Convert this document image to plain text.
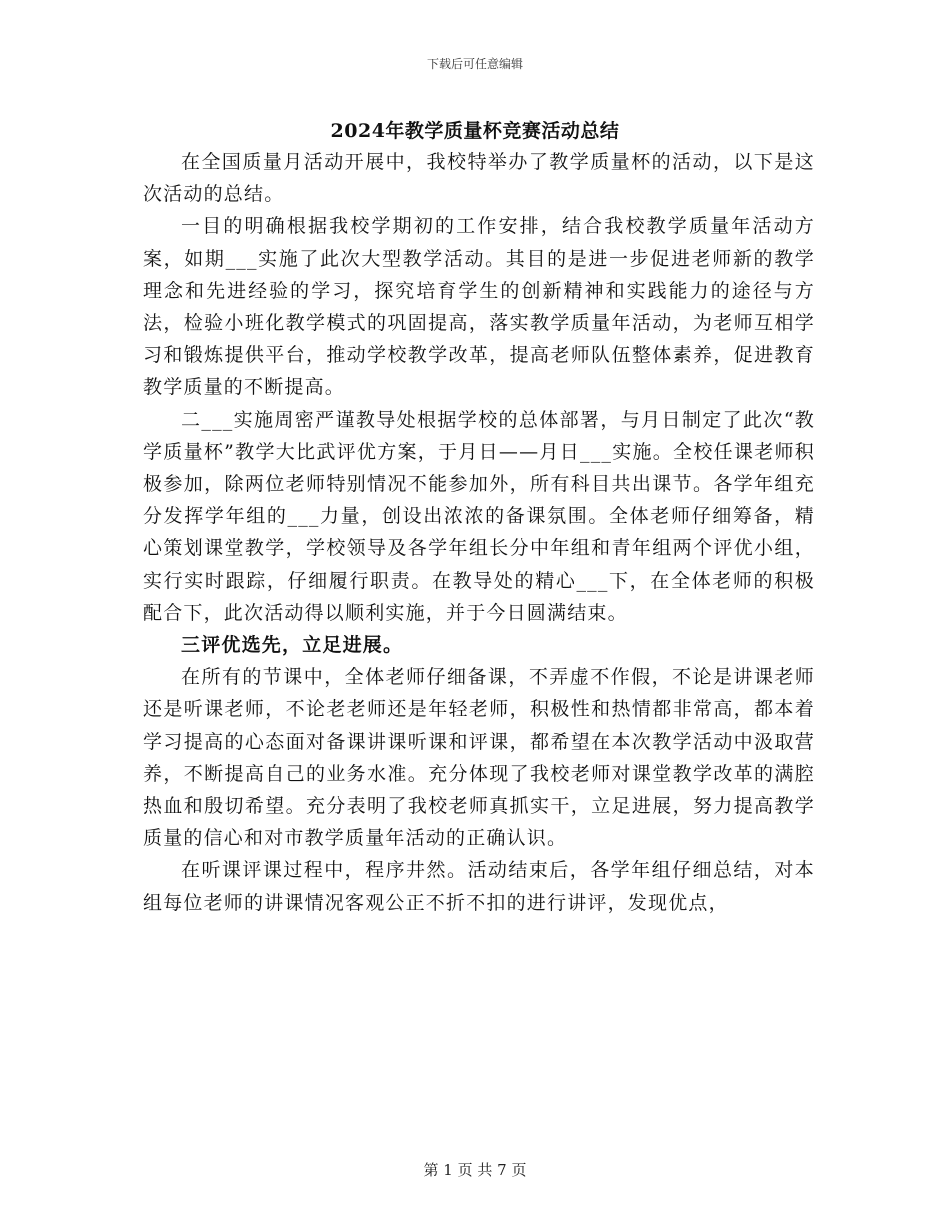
下载后可任意编辑
2024年教学质量杯竞赛活动总结

在全国质量月活动开展中，我校特举办了教学质量杯的活动，以下是这次活动的总结。

一目的明确根据我校学期初的工作安排，结合我校教学质量年活动方案，如期___实施了此次大型教学活动。其目的是进一步促进老师新的教学理念和先进经验的学习，探究培育学生的创新精神和实践能力的途径与方法，检验小班化教学模式的巩固提高，落实教学质量年活动，为老师互相学习和锻炼提供平台，推动学校教学改革，提高老师队伍整体素养，促进教育教学质量的不断提高。

二___实施周密严谨教导处根据学校的总体部署，与月日制定了此次“教学质量杯”教学大比武评优方案，于月日——月日___实施。全校任课老师积极参加，除两位老师特别情况不能参加外，所有科目共出课节。各学年组充分发挥学年组的___力量，创设出浓浓的备课氛围。全体老师仔细筹备，精心策划课堂教学，学校领导及各学年组长分中年组和青年组两个评优小组，实行实时跟踪，仔细履行职责。在教导处的精心___下，在全体老师的积极配合下，此次活动得以顺利实施，并于今日圆满结束。

三评优选先，立足进展。

在所有的节课中，全体老师仔细备课，不弄虚不作假，不论是讲课老师还是听课老师，不论老老师还是年轻老师，积极性和热情都非常高，都本着学习提高的心态面对备课讲课听课和评课，都希望在本次教学活动中汲取营养，不断提高自己的业务水准。充分体现了我校老师对课堂教学改革的满腔热血和殷切希望。充分表明了我校老师真抓实干，立足进展，努力提高教学质量的信心和对市教学质量年活动的正确认识。

在听课评课过程中，程序井然。活动结束后，各学年组仔细总结，对本组每位老师的讲课情况客观公正不折不扣的进行讲评，发现优点，

第 1 页 共 7 页
